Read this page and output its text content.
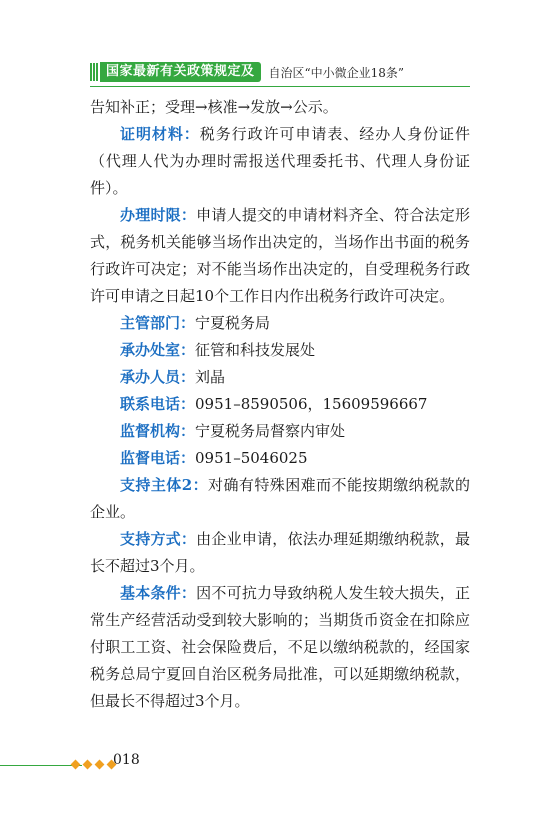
国家最新有关政策规定及	自治区“中小微企业18条”

告知补正；受理→核准→发放→公示。

证明材料：税务行政许可申请表、经办人身份证件（代理人代为办理时需报送代理委托书、代理人身份证件）。

办理时限：申请人提交的申请材料齐全、符合法定形式，税务机关能够当场作出决定的，当场作出书面的税务行政许可决定；对不能当场作出决定的，自受理税务行政许可申请之日起10个工作日内作出税务行政许可决定。

主管部门：宁夏税务局

承办处室：征管和科技发展处

承办人员：刘晶

联系电话：0951–8590506，15609596667

监督机构：宁夏税务局督察内审处

监督电话：0951–5046025

支持主体2：对确有特殊困难而不能按期缴纳税款的企业。

支持方式：由企业申请，依法办理延期缴纳税款，最长不超过3个月。

基本条件：因不可抗力导致纳税人发生较大损失，正常生产经营活动受到较大影响的；当期货币资金在扣除应付职工工资、社会保险费后，不足以缴纳税款的，经国家税务总局宁夏回自治区税务局批准，可以延期缴纳税款，但最长不得超过3个月。

018
